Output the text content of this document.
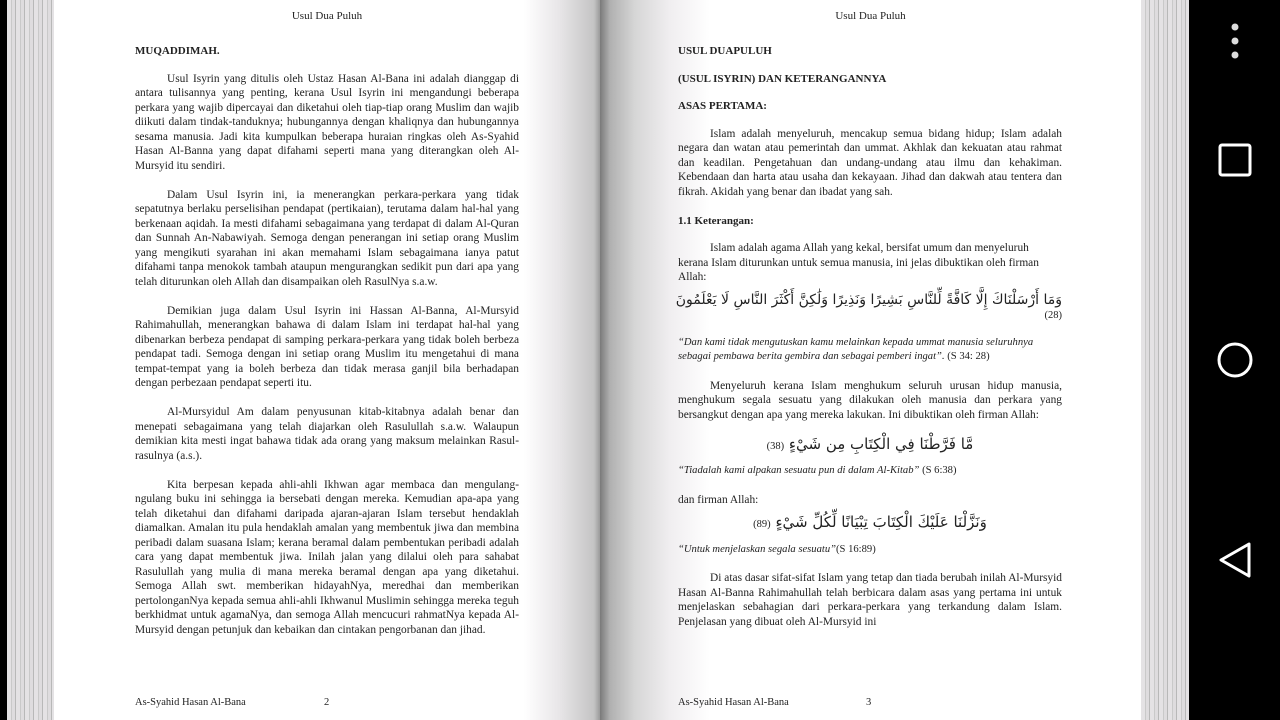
Usul Dua Puluh
MUQADDIMAH.

Usul Isyrin yang ditulis oleh Ustaz Hasan Al-Bana ini adalah dianggap di antara tulisannya yang penting, kerana Usul Isyrin ini mengandungi beberapa perkara yang wajib dipercayai dan diketahui oleh tiap-tiap orang Muslim dan wajib diikuti dalam tindak-tanduknya; hubungannya dengan khaliqnya dan hubungannya sesama manusia. Jadi kita kumpulkan beberapa huraian ringkas oleh As-Syahid Hasan Al-Banna yang dapat difahami seperti mana yang diterangkan oleh Al-Mursyid itu sendiri.

Dalam Usul Isyrin ini, ia menerangkan perkara-perkara yang tidak sepatutnya berlaku perselisihan pendapat (pertikaian), terutama dalam hal-hal yang berkenaan aqidah. Ia mesti difahami sebagaimana yang terdapat di dalam Al-Quran dan Sunnah An-Nabawiyah. Semoga dengan penerangan ini setiap orang Muslim yang mengikuti syarahan ini akan memahami Islam sebagaimana ianya patut difahami tanpa menokok tambah ataupun mengurangkan sedikit pun dari apa yang telah diturunkan oleh Allah dan disampaikan oleh RasulNya s.a.w.

Demikian juga dalam Usul Isyrin ini Hassan Al-Banna, Al-Mursyid Rahimahullah, menerangkan bahawa di dalam Islam ini terdapat hal-hal yang dibenarkan berbeza pendapat di samping perkara-perkara yang tidak boleh berbeza pendapat tadi. Semoga dengan ini setiap orang Muslim itu mengetahui di mana tempat-tempat yang ia boleh berbeza dan tidak merasa ganjil bila berhadapan dengan perbezaan pendapat seperti itu.

Al-Mursyidul Am dalam penyusunan kitab-kitabnya adalah benar dan menepati sebagaimana yang telah diajarkan oleh Rasulullah s.a.w. Walaupun demikian kita mesti ingat bahawa tidak ada orang yang maksum melainkan Rasul-rasulnya (a.s.).

Kita berpesan kepada ahli-ahli Ikhwan agar membaca dan mengulang-ngulang buku ini sehingga ia bersebati dengan mereka. Kemudian apa-apa yang telah diketahui dan difahami daripada ajaran-ajaran Islam tersebut hendaklah diamalkan. Amalan itu pula hendaklah amalan yang membentuk jiwa dan membina peribadi dalam suasana Islam; kerana beramal dalam pembentukan peribadi adalah cara yang dapat membentuk jiwa. Inilah jalan yang dilalui oleh para sahabat Rasulullah yang mulia di mana mereka beramal dengan apa yang diketahui. Semoga Allah swt. memberikan hidayahNya, meredhai dan memberikan pertolonganNya kepada semua ahli-ahli Ikhwanul Muslimin sehingga mereka teguh berkhidmat untuk agamaNya, dan semoga Allah mencucuri rahmatNya kepada Al-Mursyid dengan petunjuk dan kebaikan dan cintakan pengorbanan dan jihad.

As-Syahid Hasan Al-Bana	2
Usul Dua Puluh
USUL DUAPULUH
(USUL ISYRIN) DAN KETERANGANNYA
ASAS PERTAMA:

Islam adalah menyeluruh, mencakup semua bidang hidup; Islam adalah negara dan watan atau pemerintah dan ummat. Akhlak dan kekuatan atau rahmat dan keadilan. Pengetahuan dan undang-undang atau ilmu dan kehakiman. Kebendaan dan harta atau usaha dan kekayaan. Jihad dan dakwah atau tentera dan fikrah. Akidah yang benar dan ibadat yang sah.

1.1 Keterangan:

Islam adalah agama Allah yang kekal, bersifat umum dan menyeluruh kerana Islam diturunkan untuk semua manusia, ini jelas dibuktikan oleh firman Allah:

وَمَا أَرْسَلْنَاكَ إِلَّا كَافَّةً لِّلنَّاسِ بَشِيرًا وَنَذِيرًا وَلَٰكِنَّ أَكْثَرَ النَّاسِ لَا يَعْلَمُونَ
(28)

“Dan kami tidak mengutuskan kamu melainkan kepada ummat manusia seluruhnya sebagai pembawa berita gembira dan sebagai pemberi ingat”. (S 34: 28)

Menyeluruh kerana Islam menghukum seluruh urusan hidup manusia, menghukum segala sesuatu yang dilakukan oleh manusia dan perkara yang bersangkut dengan apa yang mereka lakukan. Ini dibuktikan oleh firman Allah:

مَّا فَرَّطْنَا فِي الْكِتَابِ مِن شَيْءٍ (38)

“Tiadalah kami alpakan sesuatu pun di dalam Al-Kitab” (S 6:38)

dan firman Allah:

وَنَزَّلْنَا عَلَيْكَ الْكِتَابَ تِبْيَانًا لِّكُلِّ شَيْءٍ (89)

“Untuk menjelaskan segala sesuatu”(S 16:89)

Di atas dasar sifat-sifat Islam yang tetap dan tiada berubah inilah Al-Mursyid Hasan Al-Banna Rahimahullah telah berbicara dalam asas yang pertama ini untuk menjelaskan sebahagian dari perkara-perkara yang terkandung dalam Islam. Penjelasan yang dibuat oleh Al-Mursyid ini

As-Syahid Hasan Al-Bana	3
